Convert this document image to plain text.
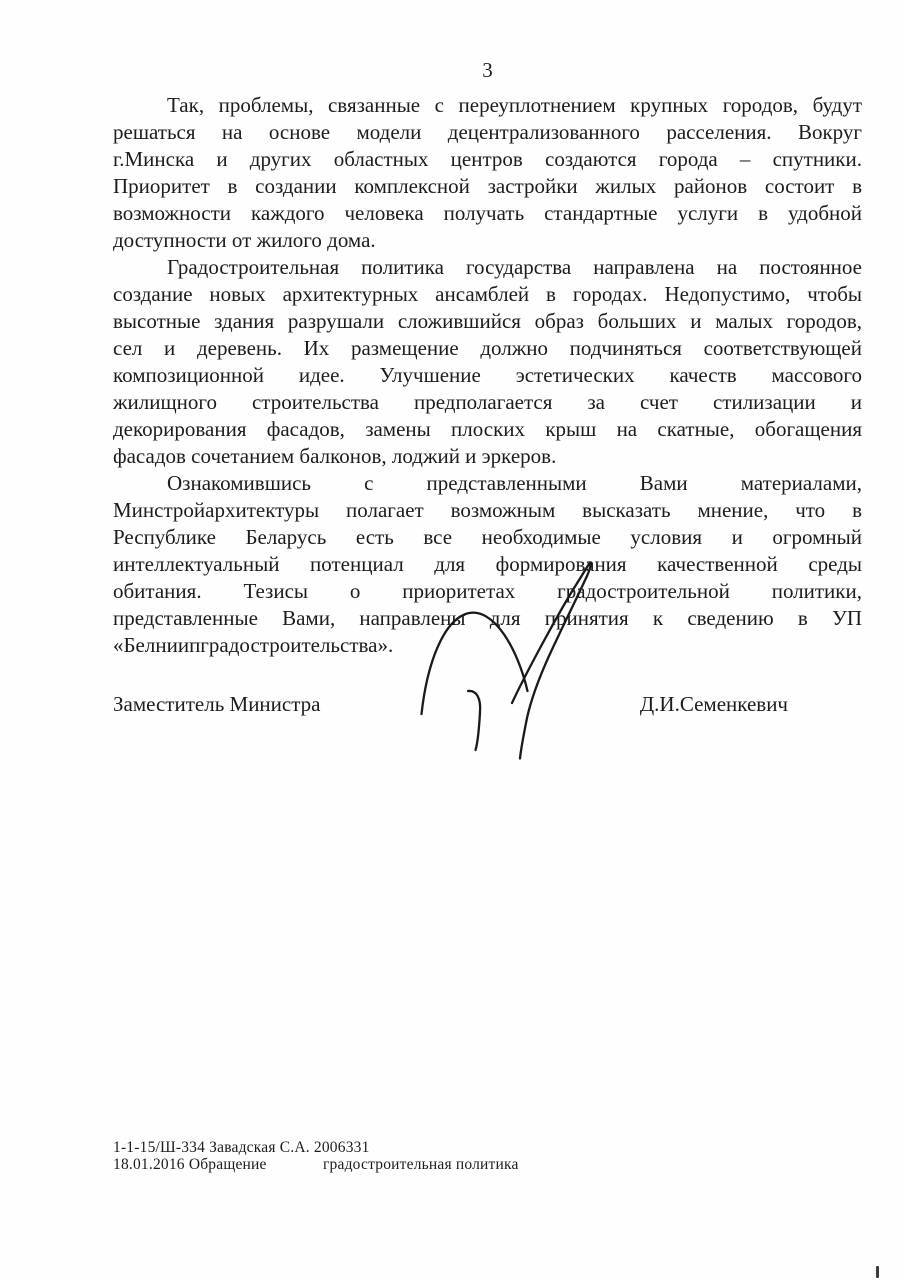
3

Так, проблемы, связанные с переуплотнением крупных городов, будут
решаться на основе модели децентрализованного расселения. Вокруг
г.Минска и других областных центров создаются города – спутники.
Приоритет в создании комплексной застройки жилых районов состоит в
возможности каждого человека получать стандартные услуги в удобной
доступности от жилого дома.

Градостроительная политика государства направлена на постоянное
создание новых архитектурных ансамблей в городах. Недопустимо, чтобы
высотные здания разрушали сложившийся образ больших и малых городов,
сел и деревень. Их размещение должно подчиняться соответствующей
композиционной идее. Улучшение эстетических качеств массового
жилищного строительства предполагается за счет стилизации и
декорирования фасадов, замены плоских крыш на скатные, обогащения
фасадов сочетанием балконов, лоджий и эркеров.

Ознакомившись с представленными Вами материалами,
Минстройархитектуры полагает возможным высказать мнение, что в
Республике Беларусь есть все необходимые условия и огромный
интеллектуальный потенциал для формирования качественной среды
обитания. Тезисы о приоритетах градостроительной политики,
представленные Вами, направлены для принятия к сведению в УП
«Белниипградостроительства».

Заместитель Министра	Д.И.Семенкевич
1-1-15/Ш-334 Завадская С.А. 2006331
18.01.2016 Обращение	градостроительная политика
